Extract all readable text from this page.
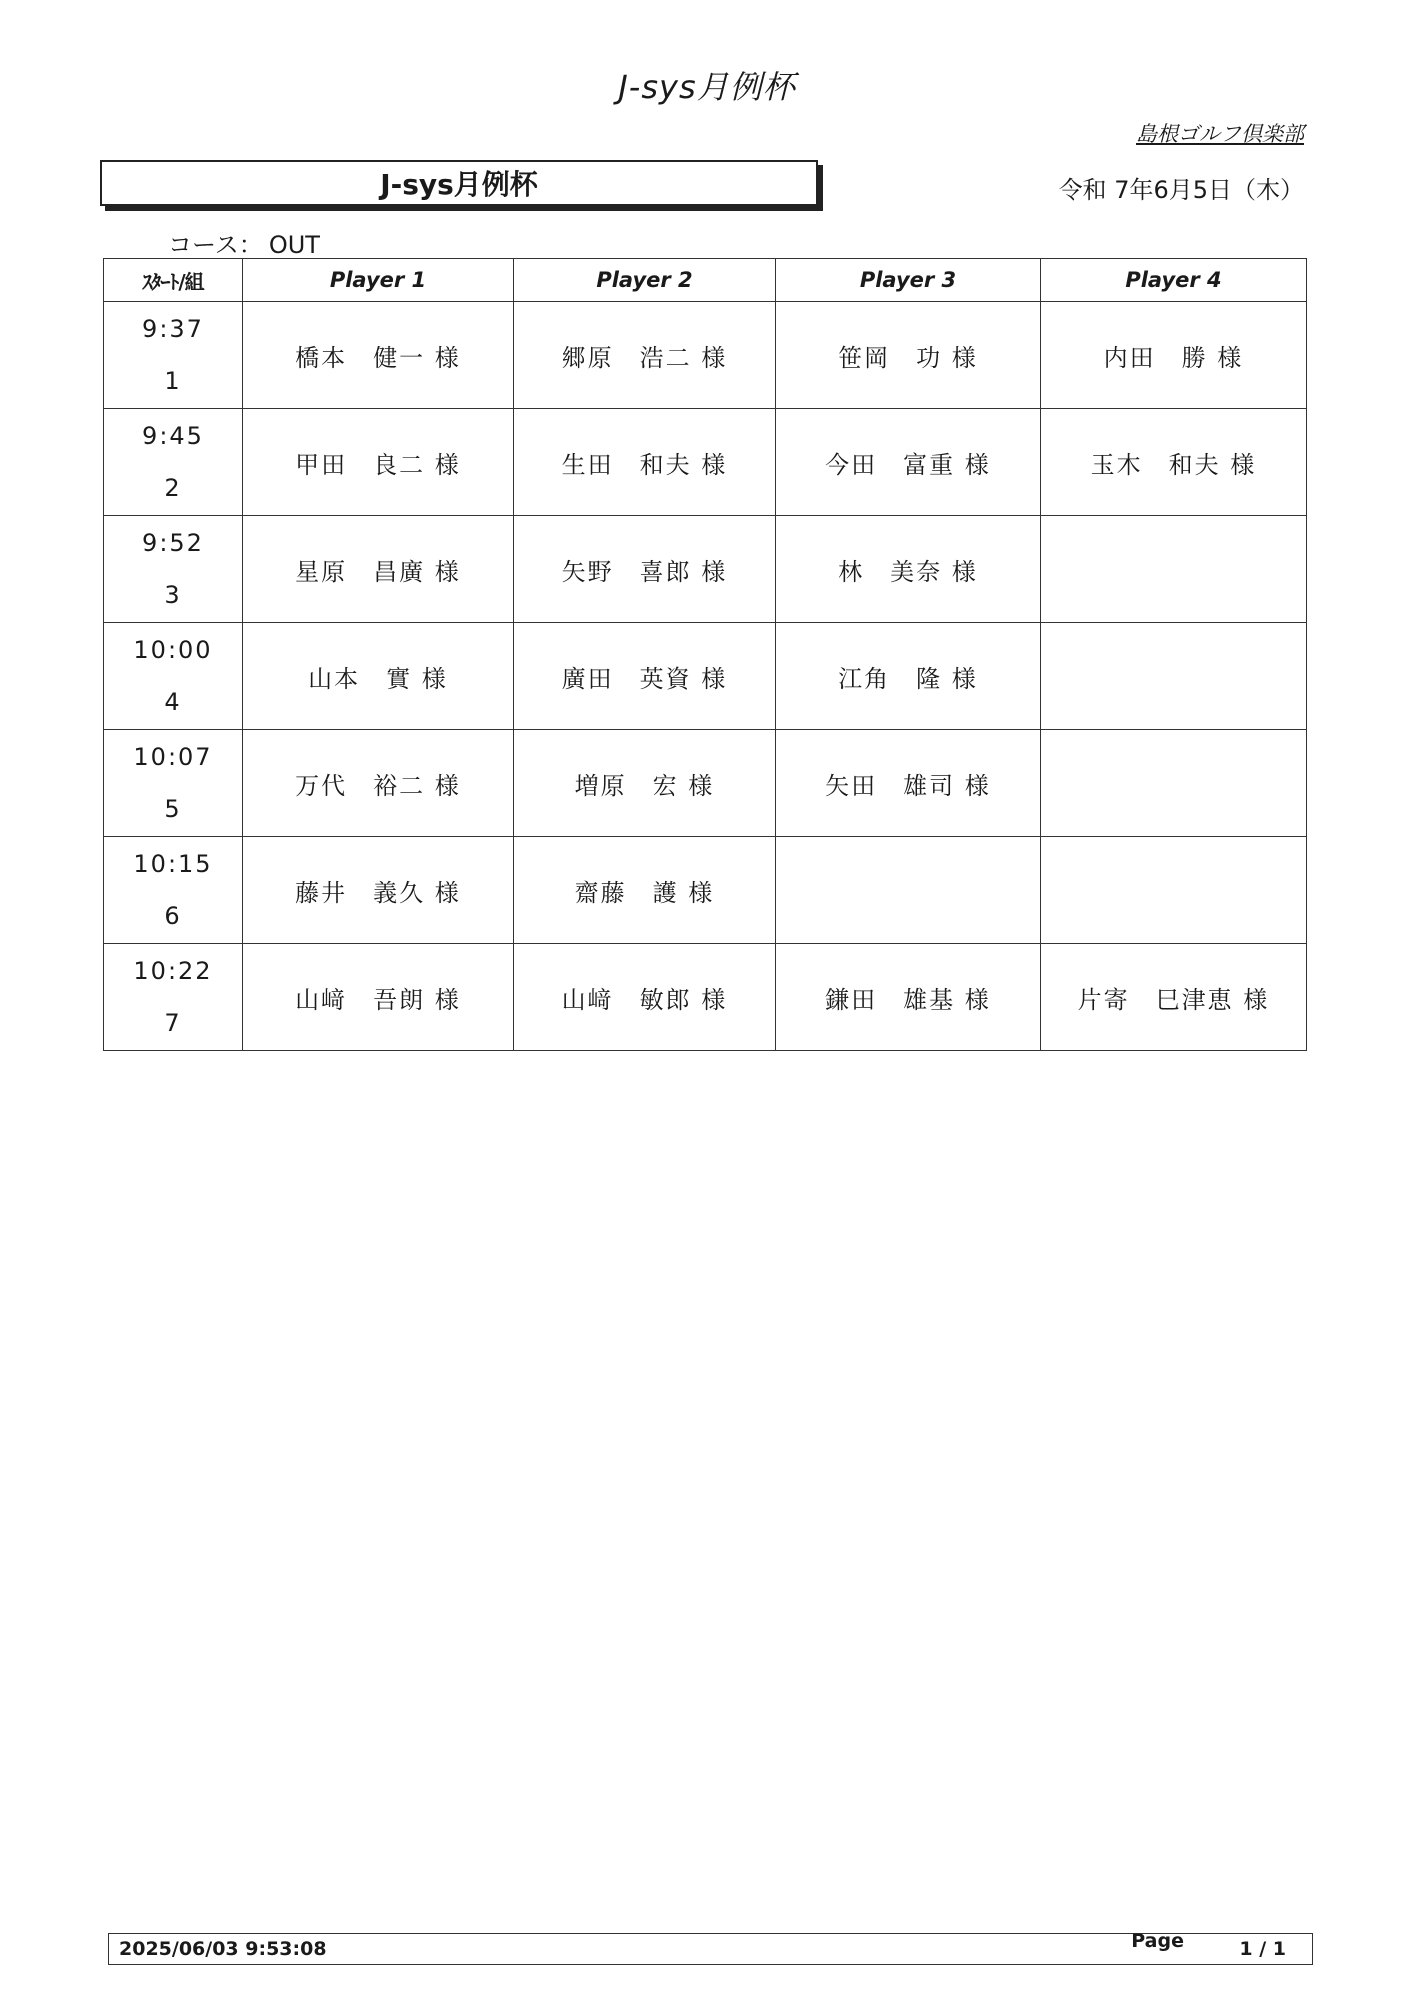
J-sys月例杯
島根ゴルフ倶楽部
J-sys月例杯	令和 7年6月5日（木）
コース： OUT
ｽﾀｰﾄ/組	Player 1	Player 2	Player 3	Player 4

9:37
1	橋本　健一 様	郷原　浩二 様	笹岡　功 様	内田　勝 様

9:45
2	甲田　良二 様	生田　和夫 様	今田　富重 様	玉木　和夫 様

9:52
3	星原　昌廣 様	矢野　喜郎 様	林　美奈 様	

10:00
4	山本　實 様	廣田　英資 様	江角　隆 様	

10:07
5	万代　裕二 様	増原　宏 様	矢田　雄司 様	

10:15
6	藤井　義久 様	齋藤　護 様		

10:22
7	山﨑　吾朗 様	山﨑　敏郎 様	鎌田　雄基 様	片寄　巳津恵 様
2025/06/03 9:53:08	Page	1 / 1
